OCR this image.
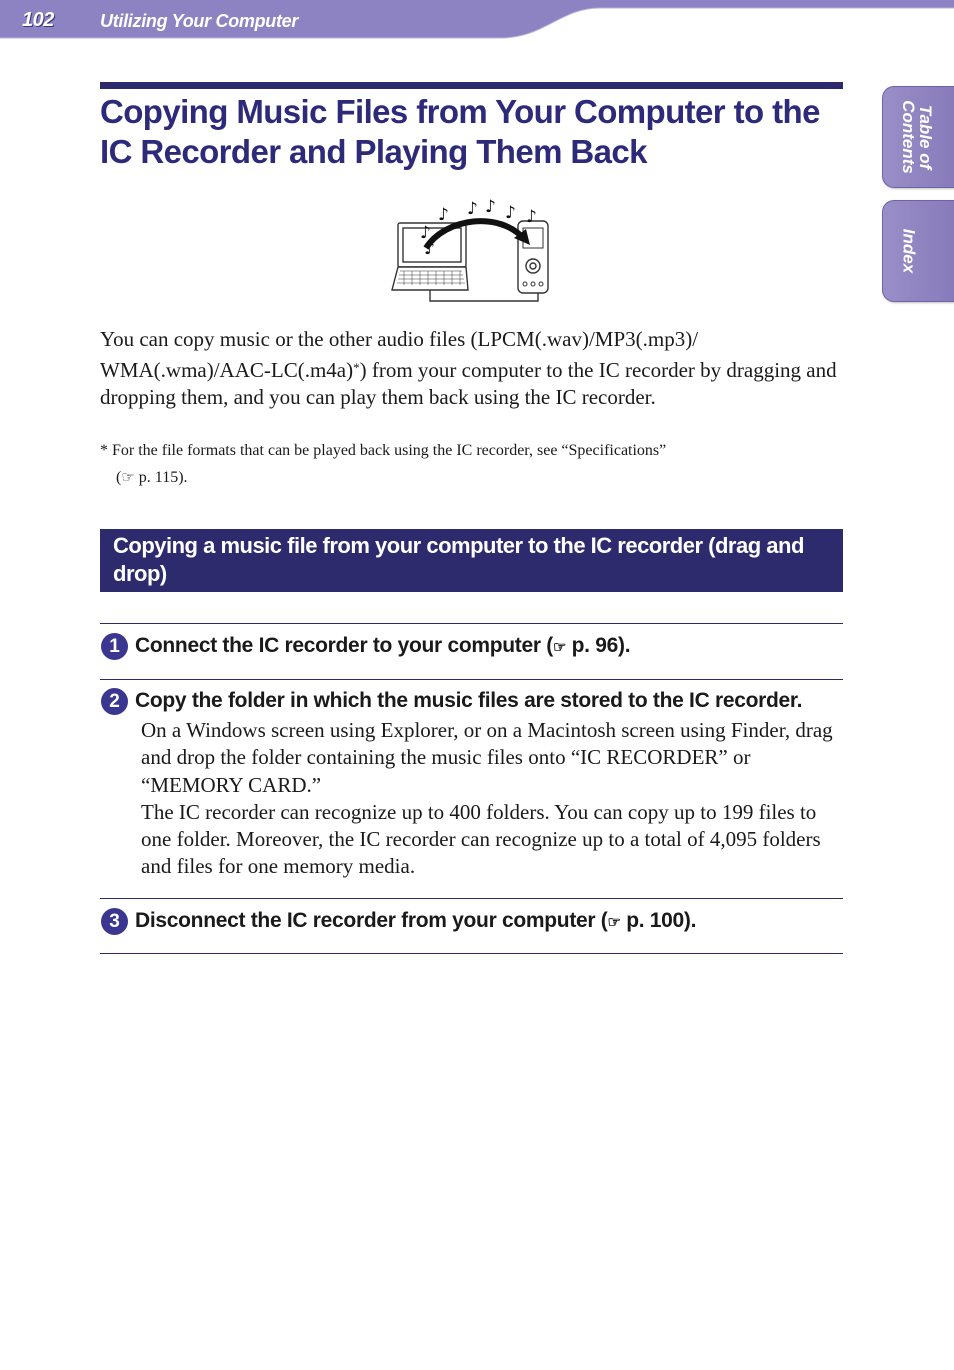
102	Utilizing Your Computer
Table of
Contents
Index
Copying Music Files from Your Computer to the
IC Recorder and Playing Them Back
♪ ♪ ♪ ♪ ♪
♪
♪

You can copy music or the other audio files (LPCM(.wav)/MP3(.mp3)/ WMA(.wma)/AAC-LC(.m4a)*) from your computer to the IC recorder by dragging and dropping them, and you can play them back using the IC recorder.

* For the file formats that can be played back using the IC recorder, see “Specifications”
(☞ p. 115).
Copying a music file from your computer to the IC recorder (drag and drop)
1 Connect the IC recorder to your computer (☞ p. 96).
2 Copy the folder in which the music files are stored to the IC recorder.

On a Windows screen using Explorer, or on a Macintosh screen using Finder, drag and drop the folder containing the music files onto “IC RECORDER” or “MEMORY CARD.”

The IC recorder can recognize up to 400 folders. You can copy up to 199 files to one folder. Moreover, the IC recorder can recognize up to a total of 4,095 folders and files for one memory media.

3 Disconnect the IC recorder from your computer (☞ p. 100).
